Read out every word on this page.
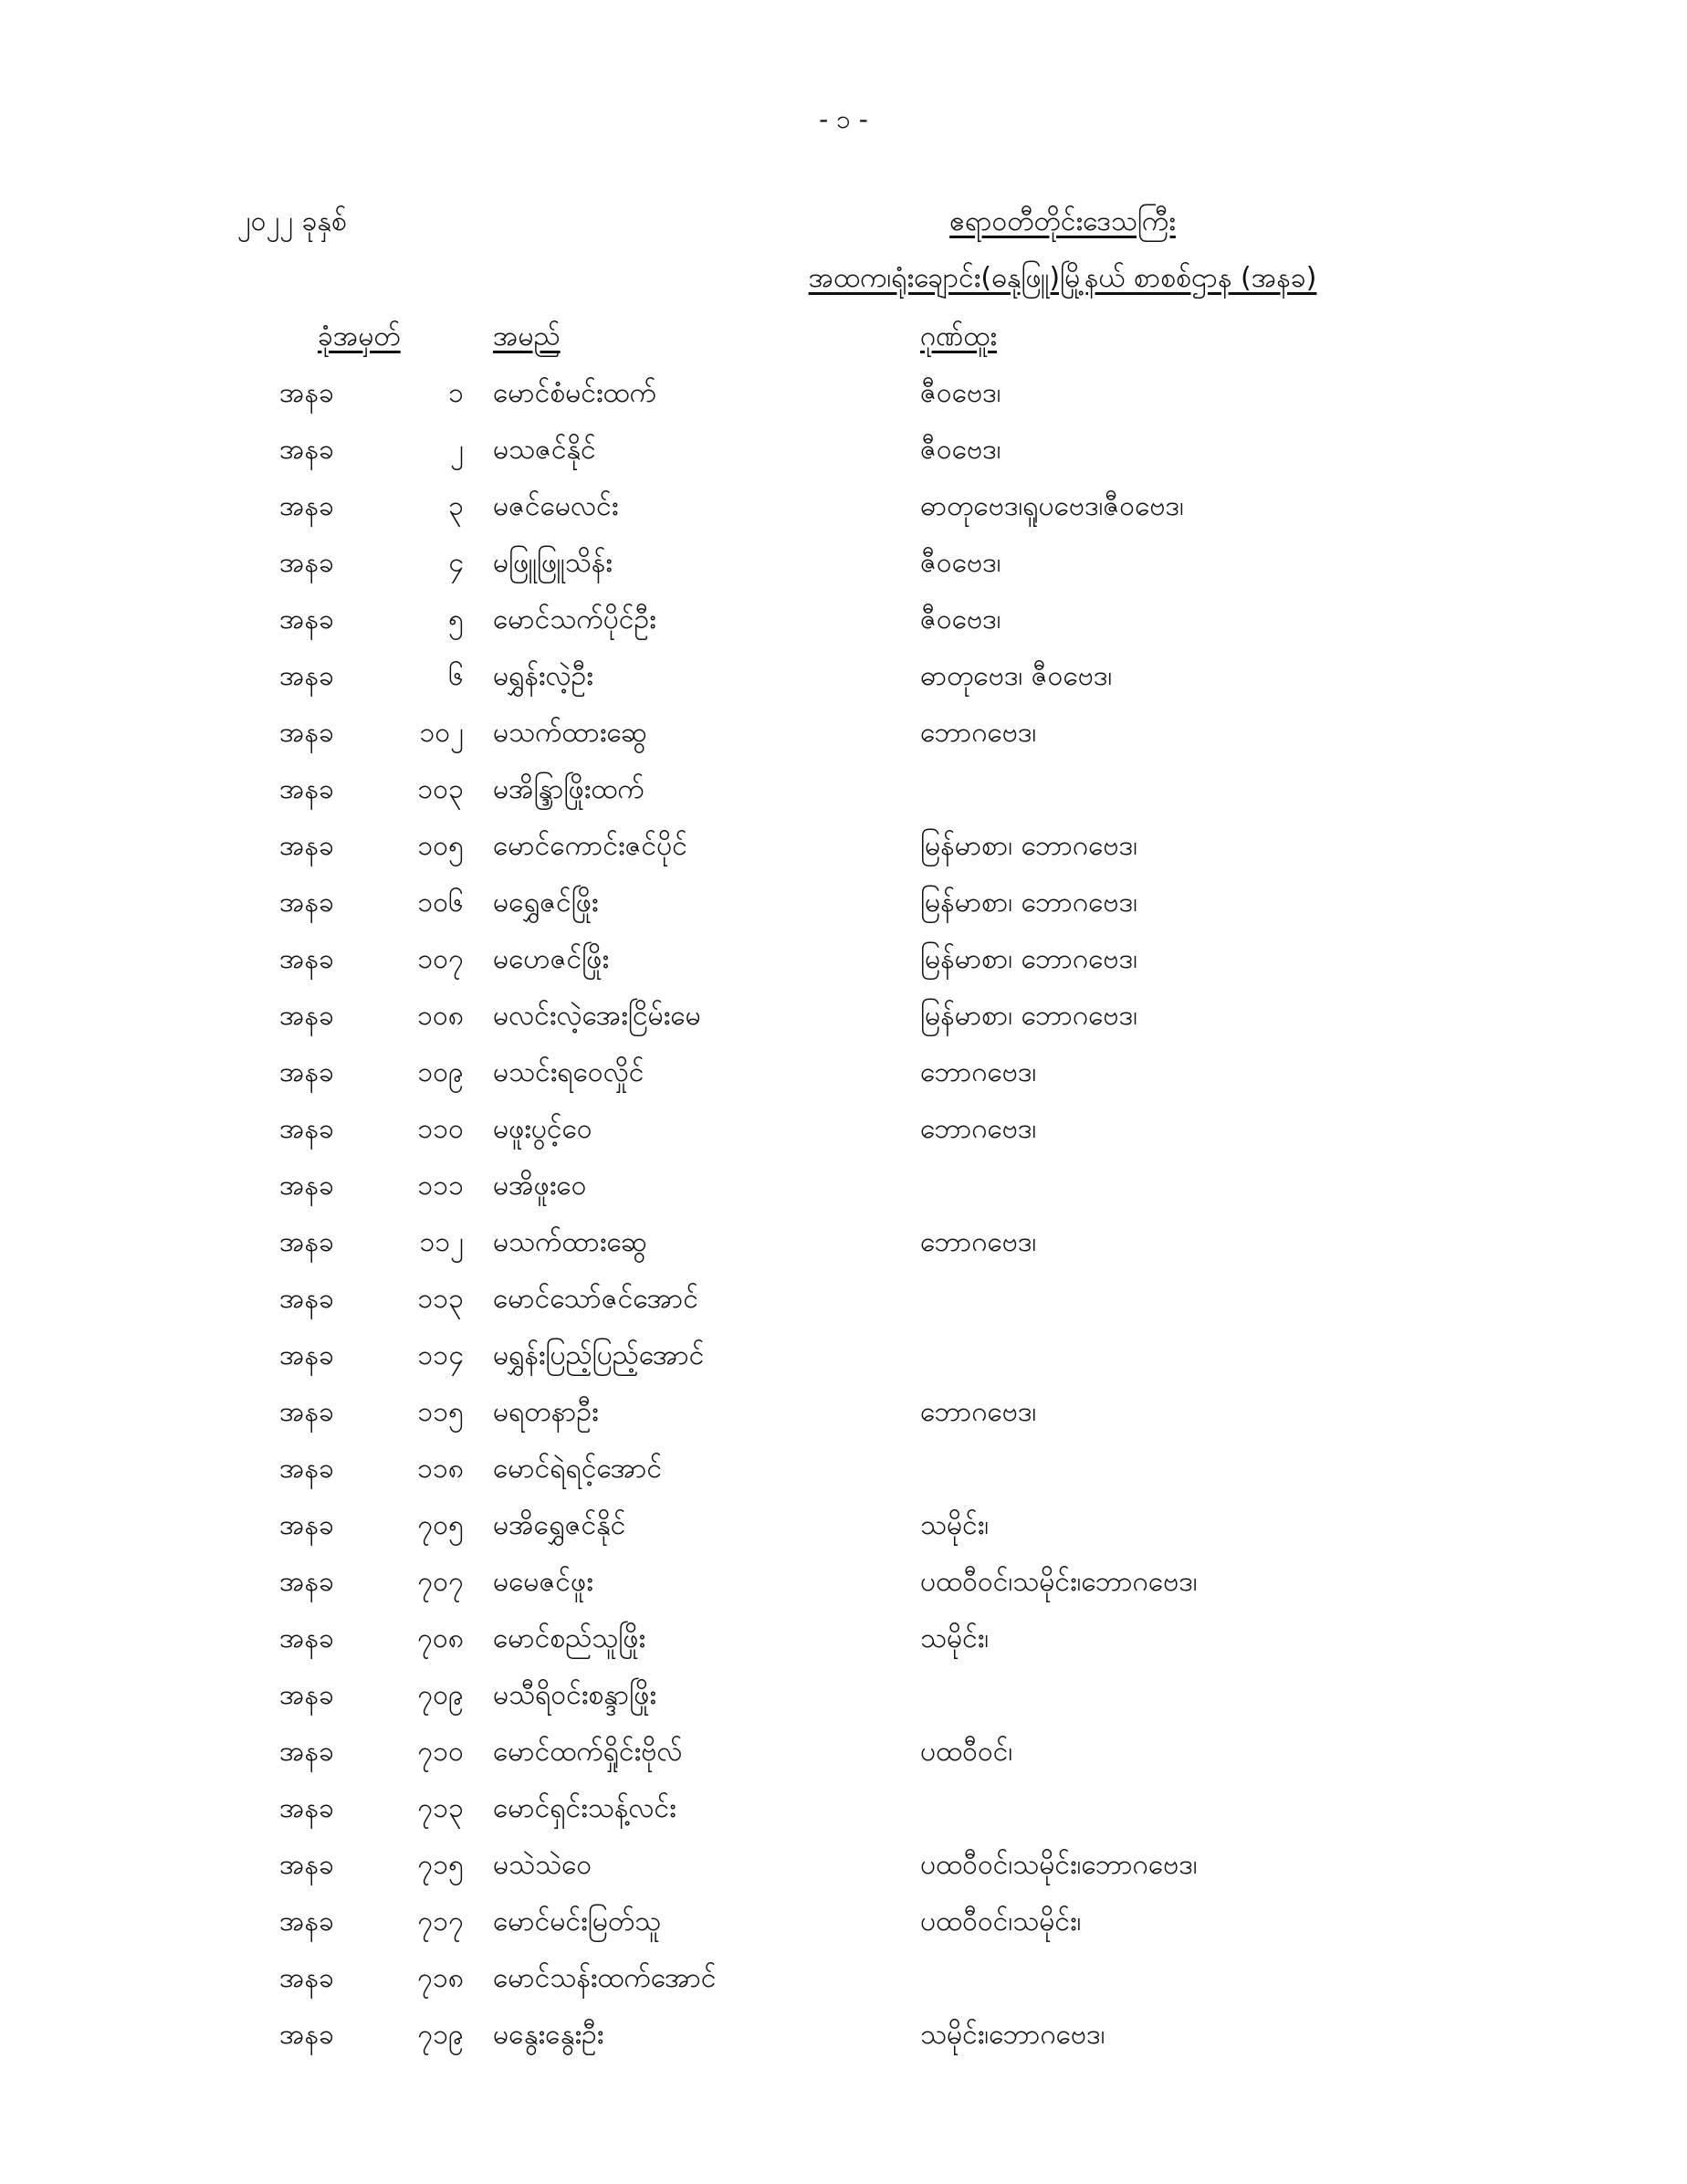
- ၁ -
၂၀၂၂ ခုနှစ်	ဧရာဝတီတိုင်းဒေသကြီး
အထက၊ရုံးချောင်း(ဓနုဖြူ)မြို့နယ် စာစစ်ဌာန (အနခ)
ခုံအမှတ်	အမည်	ဂုဏ်ထူး
အနခ	၁ မောင်စံမင်းထက်	ဇီဝဗေဒ၊
အနခ	၂ မသဇင်နိုင်	ဇီဝဗေဒ၊
အနခ	၃ မဇင်မေလင်း	ဓာတုဗေဒ၊ရူပဗေဒ၊ဇီဝဗေဒ၊
အနခ	၄ မဖြူဖြူသိန်း	ဇီဝဗေဒ၊
အနခ	၅ မောင်သက်ပိုင်ဦး	ဇီဝဗေဒ၊
အနခ	၆ မရွှန်းလဲ့ဦး	ဓာတုဗေဒ၊ ဇီဝဗေဒ၊
အနခ	၁၀၂ မသက်ထားဆွေ	ဘောဂဗေဒ၊
အနခ	၁၀၃ မအိန္ဒြာဖြိုးထက်
အနခ	၁၀၅ မောင်ကောင်းဇင်ပိုင်	မြန်မာစာ၊ ဘောဂဗေဒ၊
အနခ	၁၀၆ မရွှေဇင်ဖြိုး	မြန်မာစာ၊ ဘောဂဗေဒ၊
အနခ	၁၀၇ မဟေဇင်ဖြိုး	မြန်မာစာ၊ ဘောဂဗေဒ၊
အနခ	၁၀၈ မလင်းလဲ့အေးငြိမ်းမေ	မြန်မာစာ၊ ဘောဂဗေဒ၊
အနခ	၁၀၉ မသင်းရဝေလှိုင်	ဘောဂဗေဒ၊
အနခ	၁၁၀ မဖူးပွင့်ဝေ	ဘောဂဗေဒ၊
အနခ	၁၁၁ မအိဖူးဝေ
အနခ	၁၁၂ မသက်ထားဆွေ	ဘောဂဗေဒ၊
အနခ	၁၁၃ မောင်သော်ဇင်အောင်
အနခ	၁၁၄ မရွှန်းပြည့်ပြည့်အောင်
အနခ	၁၁၅ မရတနာဦး	ဘောဂဗေဒ၊
အနခ	၁၁၈ မောင်ရဲရင့်အောင်
အနခ	၇၀၅ မအိရွှေဇင်နိုင်	သမိုင်း၊
အနခ	၇၀၇ မမေဇင်ဖူး	ပထဝီဝင်၊သမိုင်း၊ဘောဂဗေဒ၊
အနခ	၇၀၈ မောင်စည်သူဖြိုး	သမိုင်း၊
အနခ	၇၀၉ မသီရိဝင်းစန္ဒာဖြိုး
အနခ	၇၁၀ မောင်ထက်ရှိုင်းဗိုလ်	ပထဝီဝင်၊
အနခ	၇၁၃ မောင်ရှင်းသန့်လင်း
အနခ	၇၁၅ မသဲသဲဝေ	ပထဝီဝင်၊သမိုင်း၊ဘောဂဗေဒ၊
အနခ	၇၁၇ မောင်မင်းမြတ်သူ	ပထဝီဝင်၊သမိုင်း၊
အနခ	၇၁၈ မောင်သန်းထက်အောင်
အနခ	၇၁၉ မနွေးနွေးဦး	သမိုင်း၊ဘောဂဗေဒ၊
